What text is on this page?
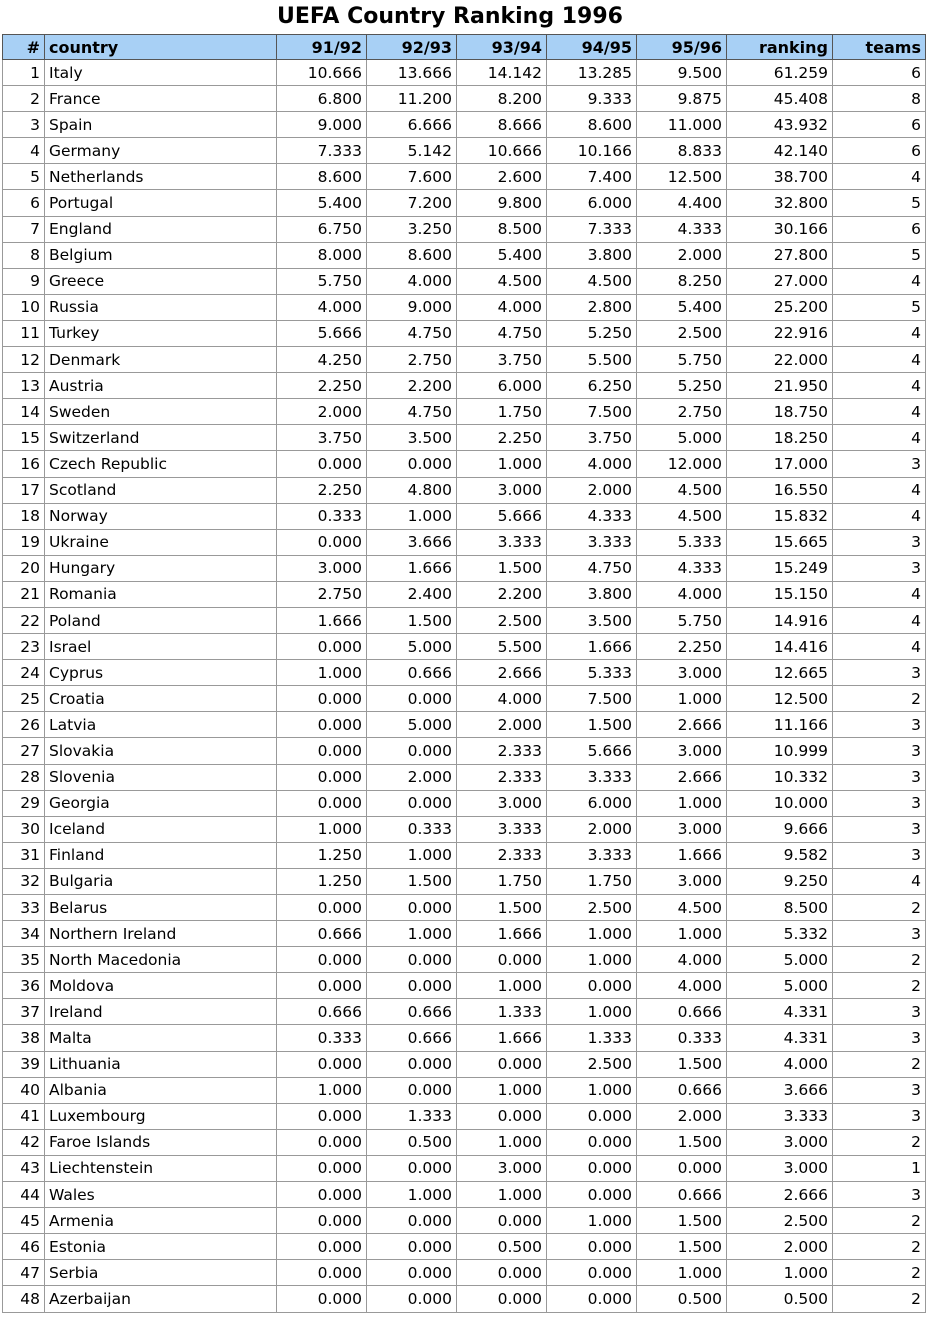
UEFA Country Ranking 1996
#	country	91/92	92/93	93/94	94/95	95/96	ranking	teams
1	Italy	10.666	13.666	14.142	13.285	9.500	61.259	6
2	France	6.800	11.200	8.200	9.333	9.875	45.408	8
3	Spain	9.000	6.666	8.666	8.600	11.000	43.932	6
4	Germany	7.333	5.142	10.666	10.166	8.833	42.140	6
5	Netherlands	8.600	7.600	2.600	7.400	12.500	38.700	4
6	Portugal	5.400	7.200	9.800	6.000	4.400	32.800	5
7	England	6.750	3.250	8.500	7.333	4.333	30.166	6
8	Belgium	8.000	8.600	5.400	3.800	2.000	27.800	5
9	Greece	5.750	4.000	4.500	4.500	8.250	27.000	4
10	Russia	4.000	9.000	4.000	2.800	5.400	25.200	5
11	Turkey	5.666	4.750	4.750	5.250	2.500	22.916	4
12	Denmark	4.250	2.750	3.750	5.500	5.750	22.000	4
13	Austria	2.250	2.200	6.000	6.250	5.250	21.950	4
14	Sweden	2.000	4.750	1.750	7.500	2.750	18.750	4
15	Switzerland	3.750	3.500	2.250	3.750	5.000	18.250	4
16	Czech Republic	0.000	0.000	1.000	4.000	12.000	17.000	3
17	Scotland	2.250	4.800	3.000	2.000	4.500	16.550	4
18	Norway	0.333	1.000	5.666	4.333	4.500	15.832	4
19	Ukraine	0.000	3.666	3.333	3.333	5.333	15.665	3
20	Hungary	3.000	1.666	1.500	4.750	4.333	15.249	3
21	Romania	2.750	2.400	2.200	3.800	4.000	15.150	4
22	Poland	1.666	1.500	2.500	3.500	5.750	14.916	4
23	Israel	0.000	5.000	5.500	1.666	2.250	14.416	4
24	Cyprus	1.000	0.666	2.666	5.333	3.000	12.665	3
25	Croatia	0.000	0.000	4.000	7.500	1.000	12.500	2
26	Latvia	0.000	5.000	2.000	1.500	2.666	11.166	3
27	Slovakia	0.000	0.000	2.333	5.666	3.000	10.999	3
28	Slovenia	0.000	2.000	2.333	3.333	2.666	10.332	3
29	Georgia	0.000	0.000	3.000	6.000	1.000	10.000	3
30	Iceland	1.000	0.333	3.333	2.000	3.000	9.666	3
31	Finland	1.250	1.000	2.333	3.333	1.666	9.582	3
32	Bulgaria	1.250	1.500	1.750	1.750	3.000	9.250	4
33	Belarus	0.000	0.000	1.500	2.500	4.500	8.500	2
34	Northern Ireland	0.666	1.000	1.666	1.000	1.000	5.332	3
35	North Macedonia	0.000	0.000	0.000	1.000	4.000	5.000	2
36	Moldova	0.000	0.000	1.000	0.000	4.000	5.000	2
37	Ireland	0.666	0.666	1.333	1.000	0.666	4.331	3
38	Malta	0.333	0.666	1.666	1.333	0.333	4.331	3
39	Lithuania	0.000	0.000	0.000	2.500	1.500	4.000	2
40	Albania	1.000	0.000	1.000	1.000	0.666	3.666	3
41	Luxembourg	0.000	1.333	0.000	0.000	2.000	3.333	3
42	Faroe Islands	0.000	0.500	1.000	0.000	1.500	3.000	2
43	Liechtenstein	0.000	0.000	3.000	0.000	0.000	3.000	1
44	Wales	0.000	1.000	1.000	0.000	0.666	2.666	3
45	Armenia	0.000	0.000	0.000	1.000	1.500	2.500	2
46	Estonia	0.000	0.000	0.500	0.000	1.500	2.000	2
47	Serbia	0.000	0.000	0.000	0.000	1.000	1.000	2
48	Azerbaijan	0.000	0.000	0.000	0.000	0.500	0.500	2
